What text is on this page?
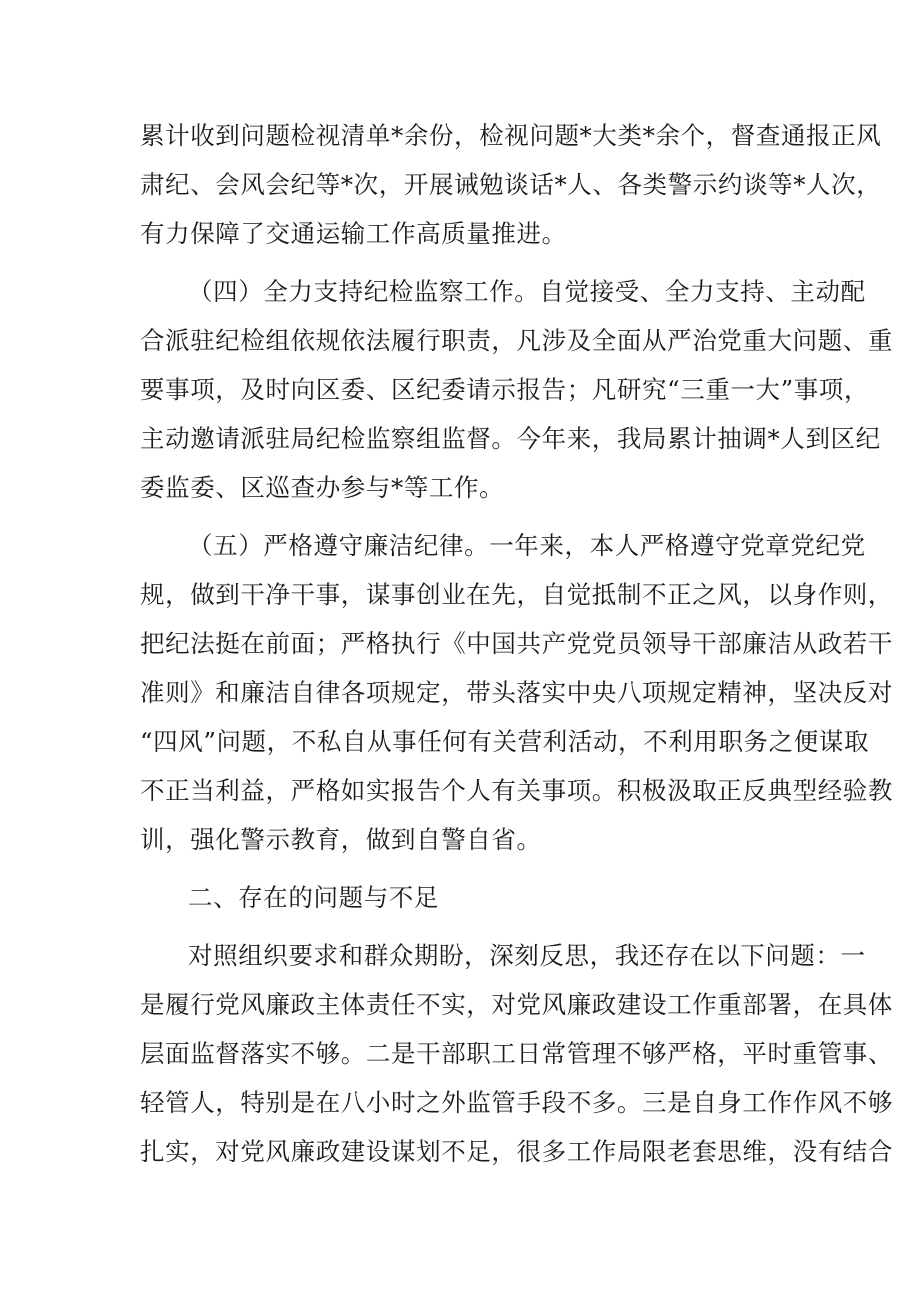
累计收到问题检视清单*余份，检视问题*大类*余个，督查通报正风
肃纪、会风会纪等*次，开展诫勉谈话*人、各类警示约谈等*人次，
有力保障了交通运输工作高质量推进。
（四）全力支持纪检监察工作。自觉接受、全力支持、主动配
合派驻纪检组依规依法履行职责，凡涉及全面从严治党重大问题、重
要事项，及时向区委、区纪委请示报告；凡研究“三重一大”事项，
主动邀请派驻局纪检监察组监督。今年来，我局累计抽调*人到区纪
委监委、区巡查办参与*等工作。
（五）严格遵守廉洁纪律。一年来，本人严格遵守党章党纪党
规，做到干净干事，谋事创业在先，自觉抵制不正之风，以身作则，
把纪法挺在前面；严格执行《中国共产党党员领导干部廉洁从政若干
准则》和廉洁自律各项规定，带头落实中央八项规定精神，坚决反对
“四风”问题，不私自从事任何有关营利活动，不利用职务之便谋取
不正当利益，严格如实报告个人有关事项。积极汲取正反典型经验教
训，强化警示教育，做到自警自省。
二、存在的问题与不足
对照组织要求和群众期盼，深刻反思，我还存在以下问题：一
是履行党风廉政主体责任不实，对党风廉政建设工作重部署，在具体
层面监督落实不够。二是干部职工日常管理不够严格，平时重管事、
轻管人，特别是在八小时之外监管手段不多。三是自身工作作风不够
扎实，对党风廉政建设谋划不足，很多工作局限老套思维，没有结合
